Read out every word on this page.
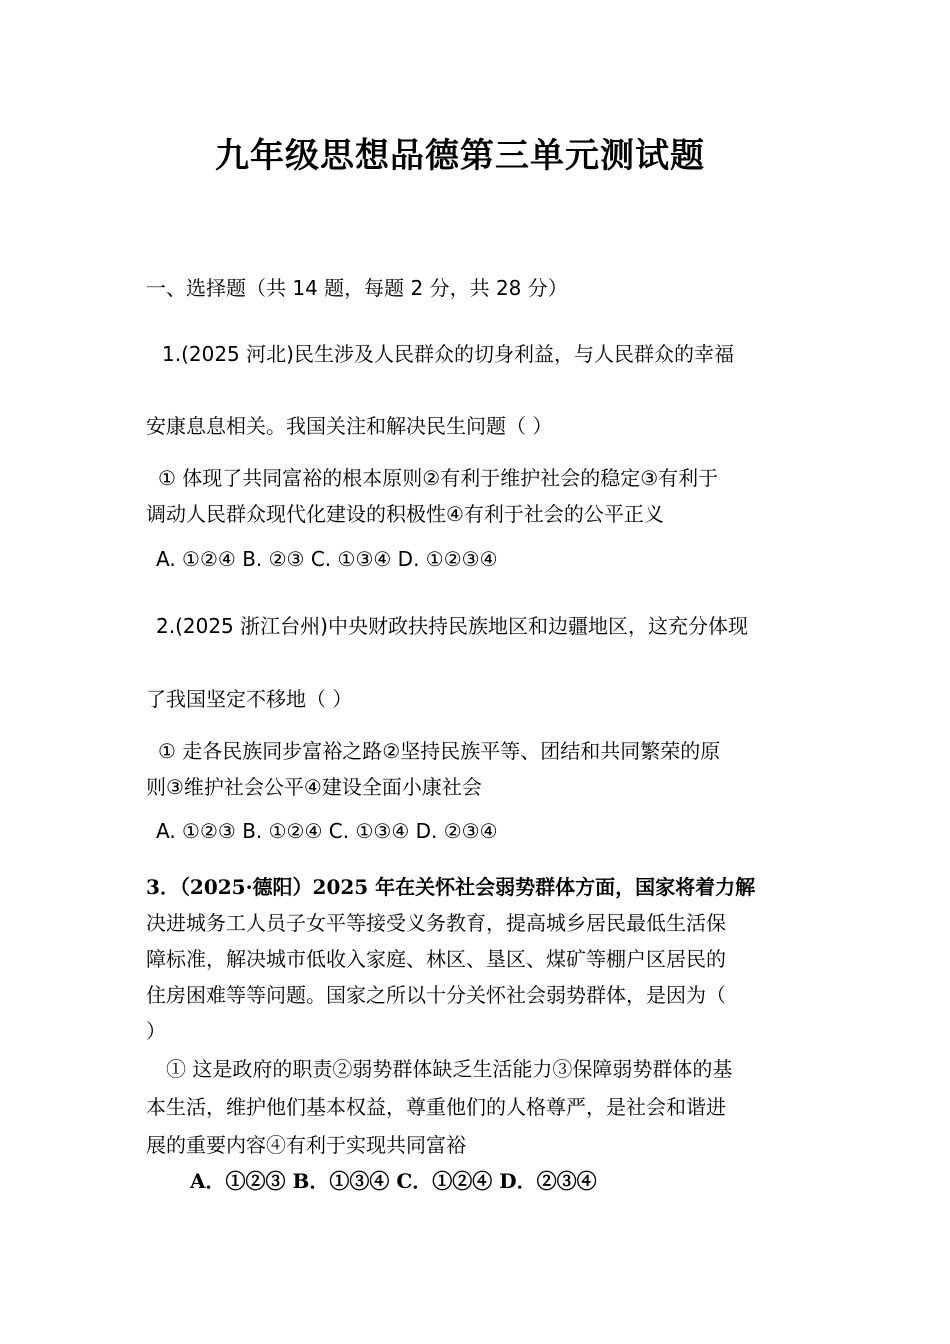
九年级思想品德第三单元测试题
一、选择题（共 14 题，每题 2 分，共 28 分）
1.(2025 河北)民生涉及人民群众的切身利益，与人民群众的幸福
安康息息相关。我国关注和解决民生问题（ ）
① 体现了共同富裕的根本原则②有利于维护社会的稳定③有利于
调动人民群众现代化建设的积极性④有利于社会的公平正义
A. ①②④ B. ②③ C. ①③④ D. ①②③④
2.(2025 浙江台州)中央财政扶持民族地区和边疆地区，这充分体现
了我国坚定不移地（ ）
① 走各民族同步富裕之路②坚持民族平等、团结和共同繁荣的原
则③维护社会公平④建设全面小康社会
A. ①②③ B. ①②④ C. ①③④ D. ②③④
3．（2025·德阳）2025 年在关怀社会弱势群体方面，国家将着力解
决进城务工人员子女平等接受义务教育，提高城乡居民最低生活保
障标准，解决城市低收入家庭、林区、垦区、煤矿等棚户区居民的
住房困难等等问题。国家之所以十分关怀社会弱势群体，是因为（
）
① 这是政府的职责②弱势群体缺乏生活能力③保障弱势群体的基
本生活，维护他们基本权益，尊重他们的人格尊严，是社会和谐进
展的重要内容④有利于实现共同富裕
A．①②③ B．①③④ C．①②④ D．②③④
